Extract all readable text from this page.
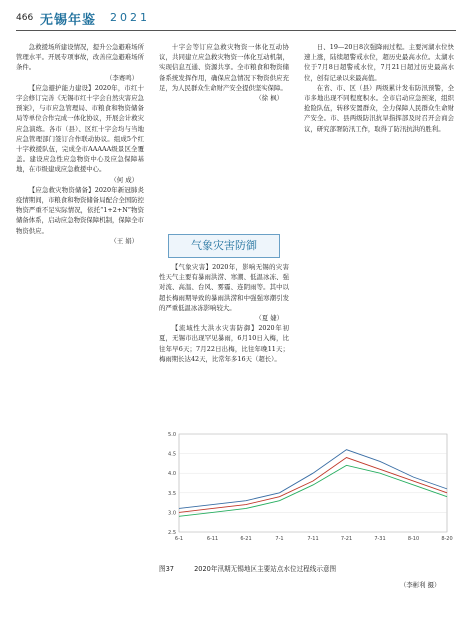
466 无锡年鉴 2021

急救援场所建设情况，提升公急避难场所管理水平。开展专项事故，改善应急避难场所条件。

（李赛鸣）

【应急避护能力建设】2020年，市红十字会修订完善《无锡市红十字会自然灾害应急预案》，与市应急管理局、市粮食和物资储备局等单位合作完成一体化协议，开展会计救灾应急演练。各市（县）、区红十字会均与当地应急管理部门签订合作联动协议。组成5个红十字救援队伍，完成全市AAAAA级景区全覆盖。建设应急性应急物资中心及应急保障基地，在市级建成应急救援中心。

（何 成）

【应急救灾物资储备】2020年新冠肺炎疫情期间，市粮食和物资储备局配合全国防控物资严重不足实际情况，依托“1+2+N”物资储备体系，启动应急物资保障机制，保障全市物资供应。

（王 娟）

十字会等订应急救灾物资一体化互动协议，共同建立应急救灾物资一体化互动机制，实现信息互通、资源共享。全市粮食和物资储备系统发挥作用，确保应急情况下物资供应充足，为人民群众生命财产安全提供坚实保障。

（徐 枫）

气象灾害防御

【气象灾害】2020年，影响无锡的灾害性天气主要有暴雨洪涝、寒潮、低温冰冻、强对流、高温、台风、雾霾、连阴雨等。其中以超长梅雨期导致的暴雨洪涝和中强强寒潮引发的严重低温冰冻影响较大。

（夏 婕）

【流域性大洪水灾害防御】2020年初夏，无锡市出现罕见暴雨，6月10日入梅，比往年早6天；7月22日出梅，比往年晚11天；梅雨期长达42天，比常年多16天（超长）。

日、19—20日8次强降雨过程。主要河湖水位快速上涨，陆续超警戒水位，超历史最高水位。太湖水位于7月8日超警戒水位，7月21日超过历史最高水位，创有记录以来最高值。

在省、市、区（县）两级累计发布防汛预警，全市多地出现不同程度积水。全市启动应急预案，组织抢险队伍，转移安置群众，全力保障人民群众生命财产安全。市、县两级防汛抗旱指挥部及时召开会商会议，研究部署防汛工作，取得了防汛抗洪的胜利。

5.0
4.5
4.0
3.5
3.0
2.5
6-1	6-11	6-21	7-1	7-11	7-21	7-31	8-10	8-20
图37	2020年汛期无锡地区主要站点水位过程线示意图
（李彬利 摄）
